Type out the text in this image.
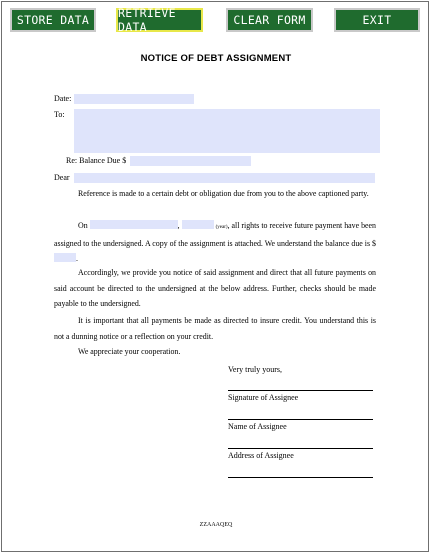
STORE DATA	RETRIEVE DATA	CLEAR FORM	EXIT
NOTICE OF DEBT ASSIGNMENT
Date:
To:
Re: Balance Due $
Dear
Reference is made to a certain debt or obligation due from you to the above captioned party.
On	,	(year), all rights to receive future payment have been assigned to the undersigned. A copy of the assignment is attached. We understand the balance due is $ .
Accordingly, we provide you notice of said assignment and direct that all future payments on said account be directed to the undersigned at the below address. Further, checks should be made payable to the undersigned.
It is important that all payments be made as directed to insure credit. You understand this is not a dunning notice or a reflection on your credit.
We appreciate your cooperation.
Very truly yours,
Signature of Assignee
Name of Assignee
Address of Assignee
ZZAAAQEQ
